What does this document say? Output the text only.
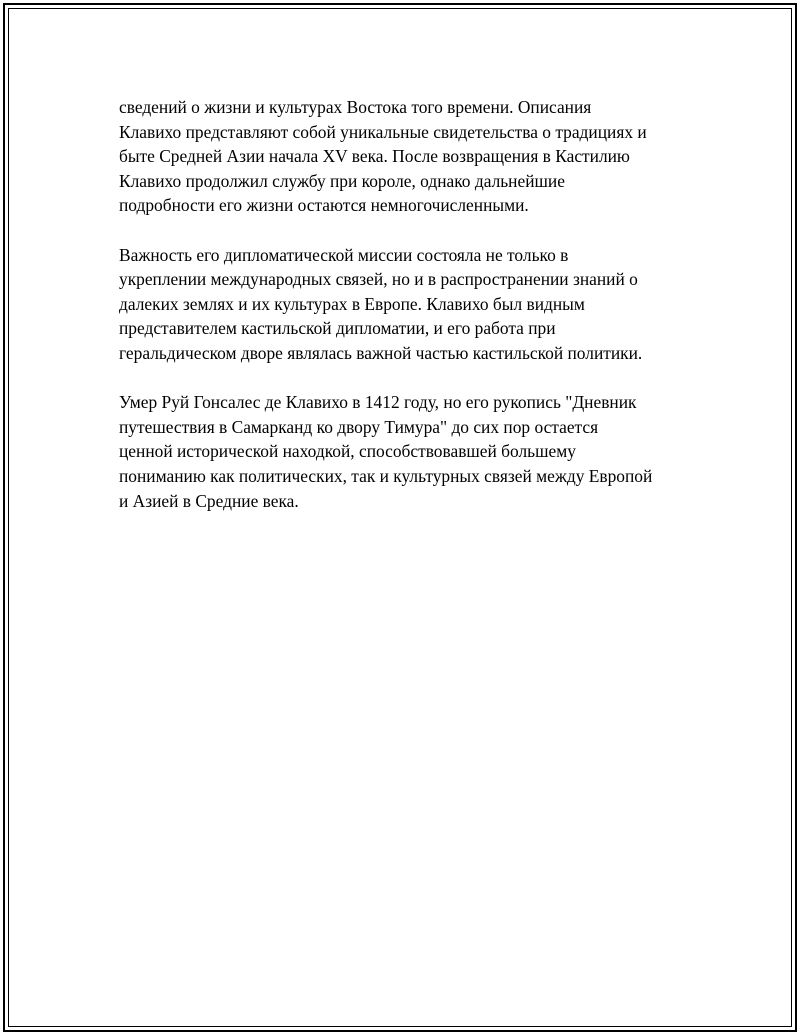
сведений о жизни и культурах Востока того времени. Описания
Клавихо представляют собой уникальные свидетельства о традициях и
быте Средней Азии начала XV века. После возвращения в Кастилию
Клавихо продолжил службу при короле, однако дальнейшие
подробности его жизни остаются немногочисленными.

Важность его дипломатической миссии состояла не только в
укреплении международных связей, но и в распространении знаний о
далеких землях и их культурах в Европе. Клавихо был видным
представителем кастильской дипломатии, и его работа при
геральдическом дворе являлась важной частью кастильской политики.

Умер Руй Гонсалес де Клавихо в 1412 году, но его рукопись "Дневник
путешествия в Самарканд ко двору Тимура" до сих пор остается
ценной исторической находкой, способствовавшей большему
пониманию как политических, так и культурных связей между Европой
и Азией в Средние века.
